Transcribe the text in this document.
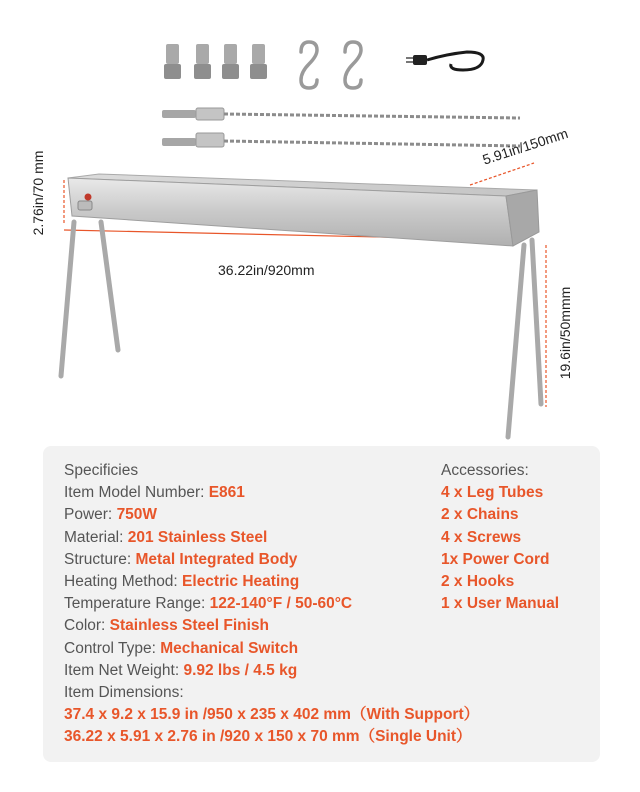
2.76in/70 mm
5.91in/150mm
36.22in/920mm
19.6in/50mmm
Specificies
Item Model Number: E861
Power: 750W
Material: 201 Stainless Steel
Structure: Metal Integrated Body
Heating Method: Electric Heating
Temperature Range: 122-140°F / 50-60°C
Color: Stainless Steel Finish
Control Type: Mechanical Switch
Item Net Weight: 9.92 lbs / 4.5 kg
Item Dimensions:
37.4 x 9.2 x 15.9 in /950 x 235 x 402 mm（With Support）
36.22 x 5.91 x 2.76 in /920 x 150 x 70 mm（Single Unit）
Accessories:
4 x Leg Tubes
2 x Chains
4 x Screws
1x Power Cord
2 x Hooks
1 x User Manual
